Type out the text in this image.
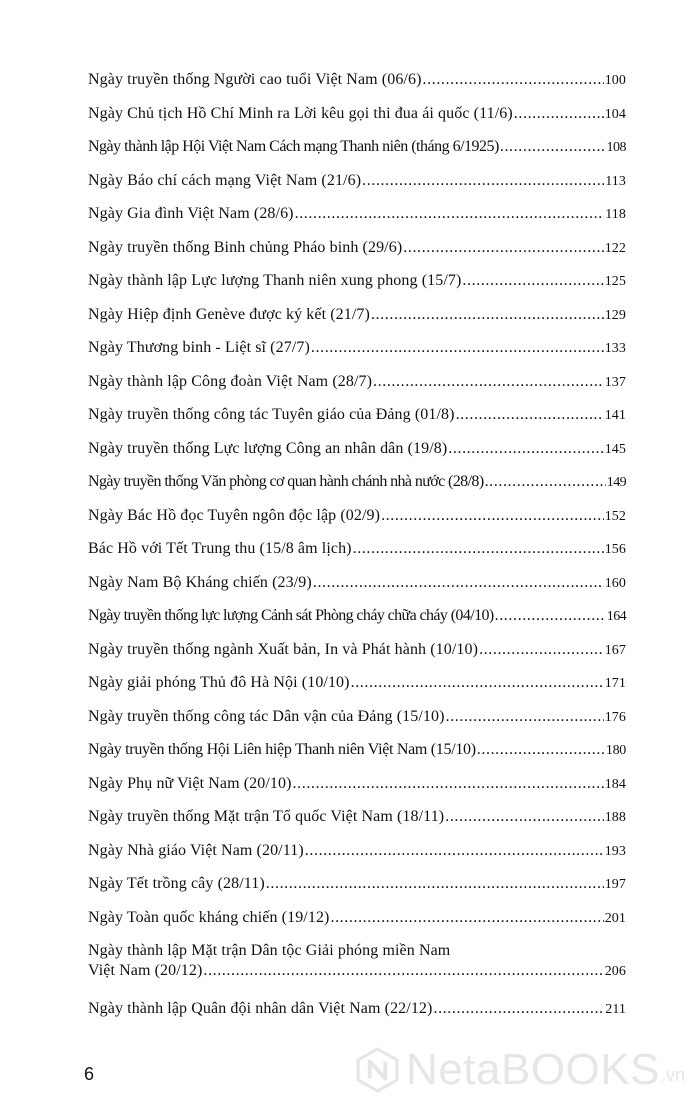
Ngày truyền thống Người cao tuổi Việt Nam (06/6) .....	100
Ngày Chủ tịch Hồ Chí Minh ra Lời kêu gọi thi đua ái quốc (11/6) .....	104
Ngày thành lập Hội Việt Nam Cách mạng Thanh niên (tháng 6/1925) .....	108
Ngày Báo chí cách mạng Việt Nam (21/6) .....	113
Ngày Gia đình Việt Nam (28/6) .....	118
Ngày truyền thống Binh chủng Pháo binh (29/6) .....	122
Ngày thành lập Lực lượng Thanh niên xung phong (15/7) .....	125
Ngày Hiệp định Genève được ký kết (21/7) .....	129
Ngày Thương binh - Liệt sĩ (27/7) .....	133
Ngày thành lập Công đoàn Việt Nam (28/7) .....	137
Ngày truyền thống công tác Tuyên giáo của Đảng (01/8) .....	141
Ngày truyền thống Lực lượng Công an nhân dân (19/8) .....	145
Ngày truyền thống Văn phòng cơ quan hành chánh nhà nước (28/8) .....	149
Ngày Bác Hồ đọc Tuyên ngôn độc lập (02/9) .....	152
Bác Hồ với Tết Trung thu (15/8 âm lịch) .....	156
Ngày Nam Bộ Kháng chiến (23/9) .....	160
Ngày truyền thống lực lượng Cảnh sát Phòng cháy chữa cháy (04/10) .....	164
Ngày truyền thống ngành Xuất bản, In và Phát hành (10/10) .....	167
Ngày giải phóng Thủ đô Hà Nội (10/10) .....	171
Ngày truyền thống công tác Dân vận của Đảng (15/10) .....	176
Ngày truyền thống Hội Liên hiệp Thanh niên Việt Nam (15/10) .....	180
Ngày Phụ nữ Việt Nam (20/10) .....	184
Ngày truyền thống Mặt trận Tổ quốc Việt Nam (18/11) .....	188
Ngày Nhà giáo Việt Nam (20/11) .....	193
Ngày Tết trồng cây (28/11) .....	197
Ngày Toàn quốc kháng chiến (19/12) .....	201
Ngày thành lập Mặt trận Dân tộc Giải phóng miền Nam
Việt Nam (20/12) .....	206
Ngày thành lập Quân đội nhân dân Việt Nam (22/12) .....	211
6	NetaBOOKS .vn
